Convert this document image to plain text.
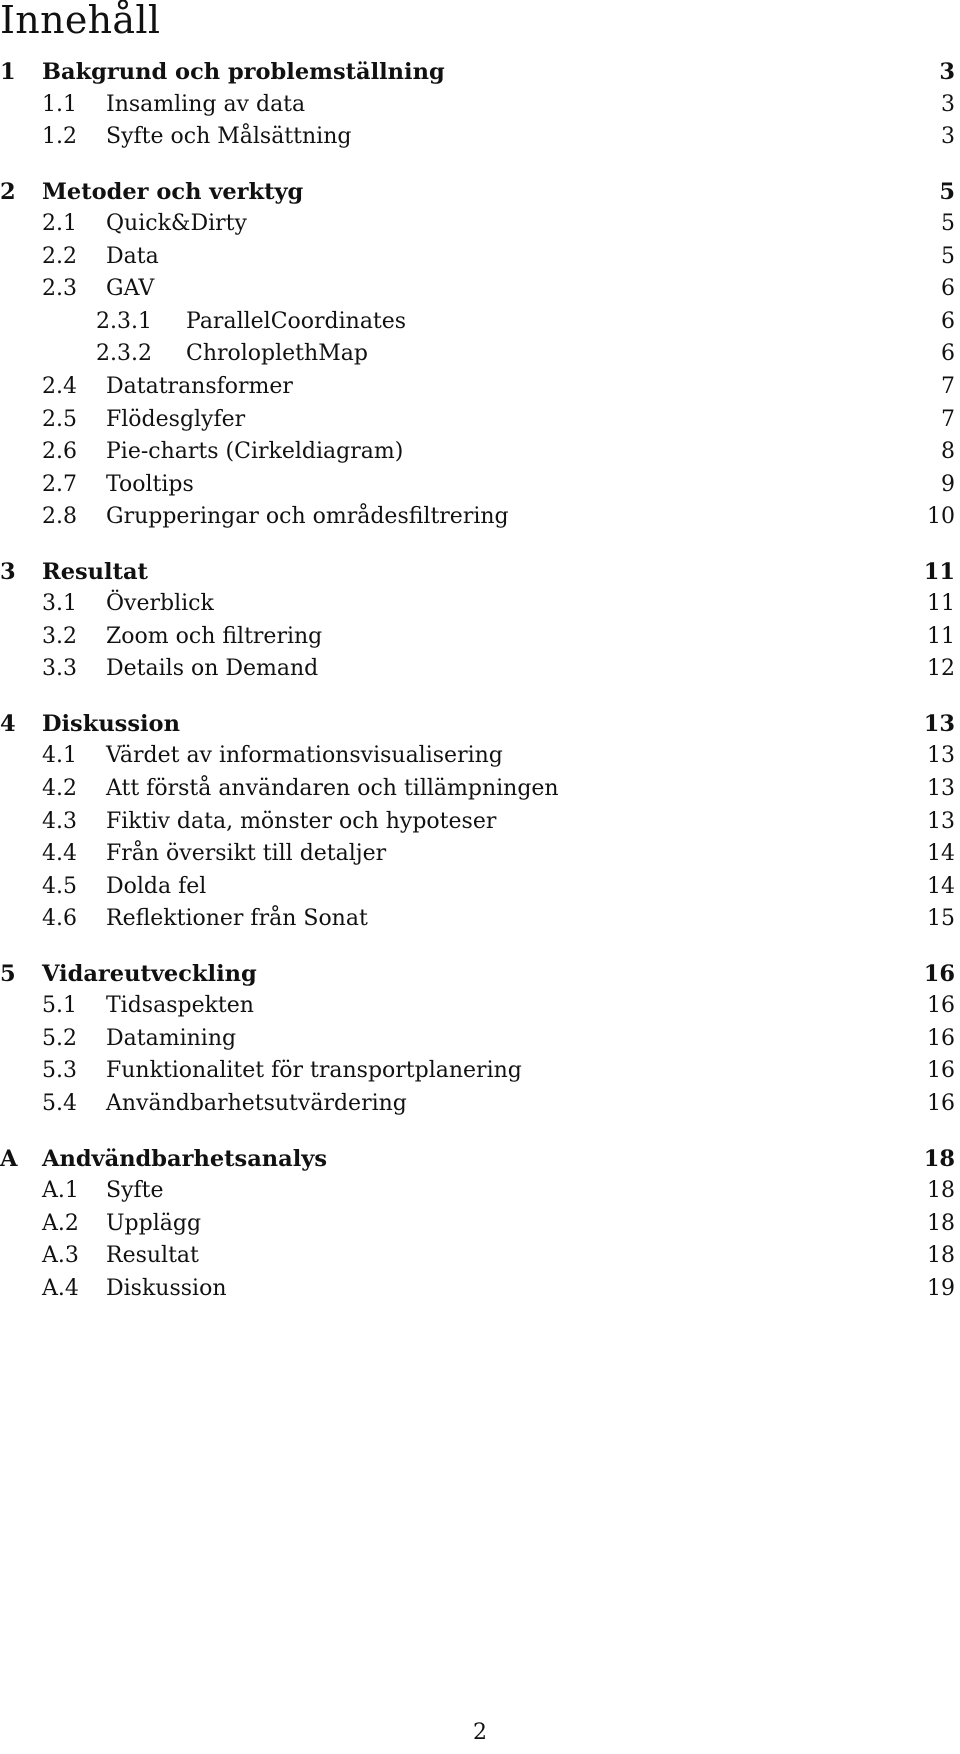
Innehåll
1 Bakgrund och problemställning	3
1.1 Insamling av data	3
1.2 Syfte och Målsättning	3
2 Metoder och verktyg	5
2.1 Quick&Dirty	5
2.2 Data	5
2.3 GAV	6
2.3.1 ParallelCoordinates	6
2.3.2 ChroloplethMap	6
2.4 Datatransformer	7
2.5 Flödesglyfer	7
2.6 Pie-charts (Cirkeldiagram)	8
2.7 Tooltips	9
2.8 Grupperingar och områdesfiltrering	10
3 Resultat	11
3.1 Överblick	11
3.2 Zoom och filtrering	11
3.3 Details on Demand	12
4 Diskussion	13
4.1 Värdet av informationsvisualisering	13
4.2 Att förstå användaren och tillämpningen	13
4.3 Fiktiv data, mönster och hypoteser	13
4.4 Från översikt till detaljer	14
4.5 Dolda fel	14
4.6 Reflektioner från Sonat	15
5 Vidareutveckling	16
5.1 Tidsaspekten	16
5.2 Datamining	16
5.3 Funktionalitet för transportplanering	16
5.4 Användbarhetsutvärdering	16
A Andvändbarhetsanalys	18
A.1 Syfte	18
A.2 Upplägg	18
A.3 Resultat	18
A.4 Diskussion	19
2
